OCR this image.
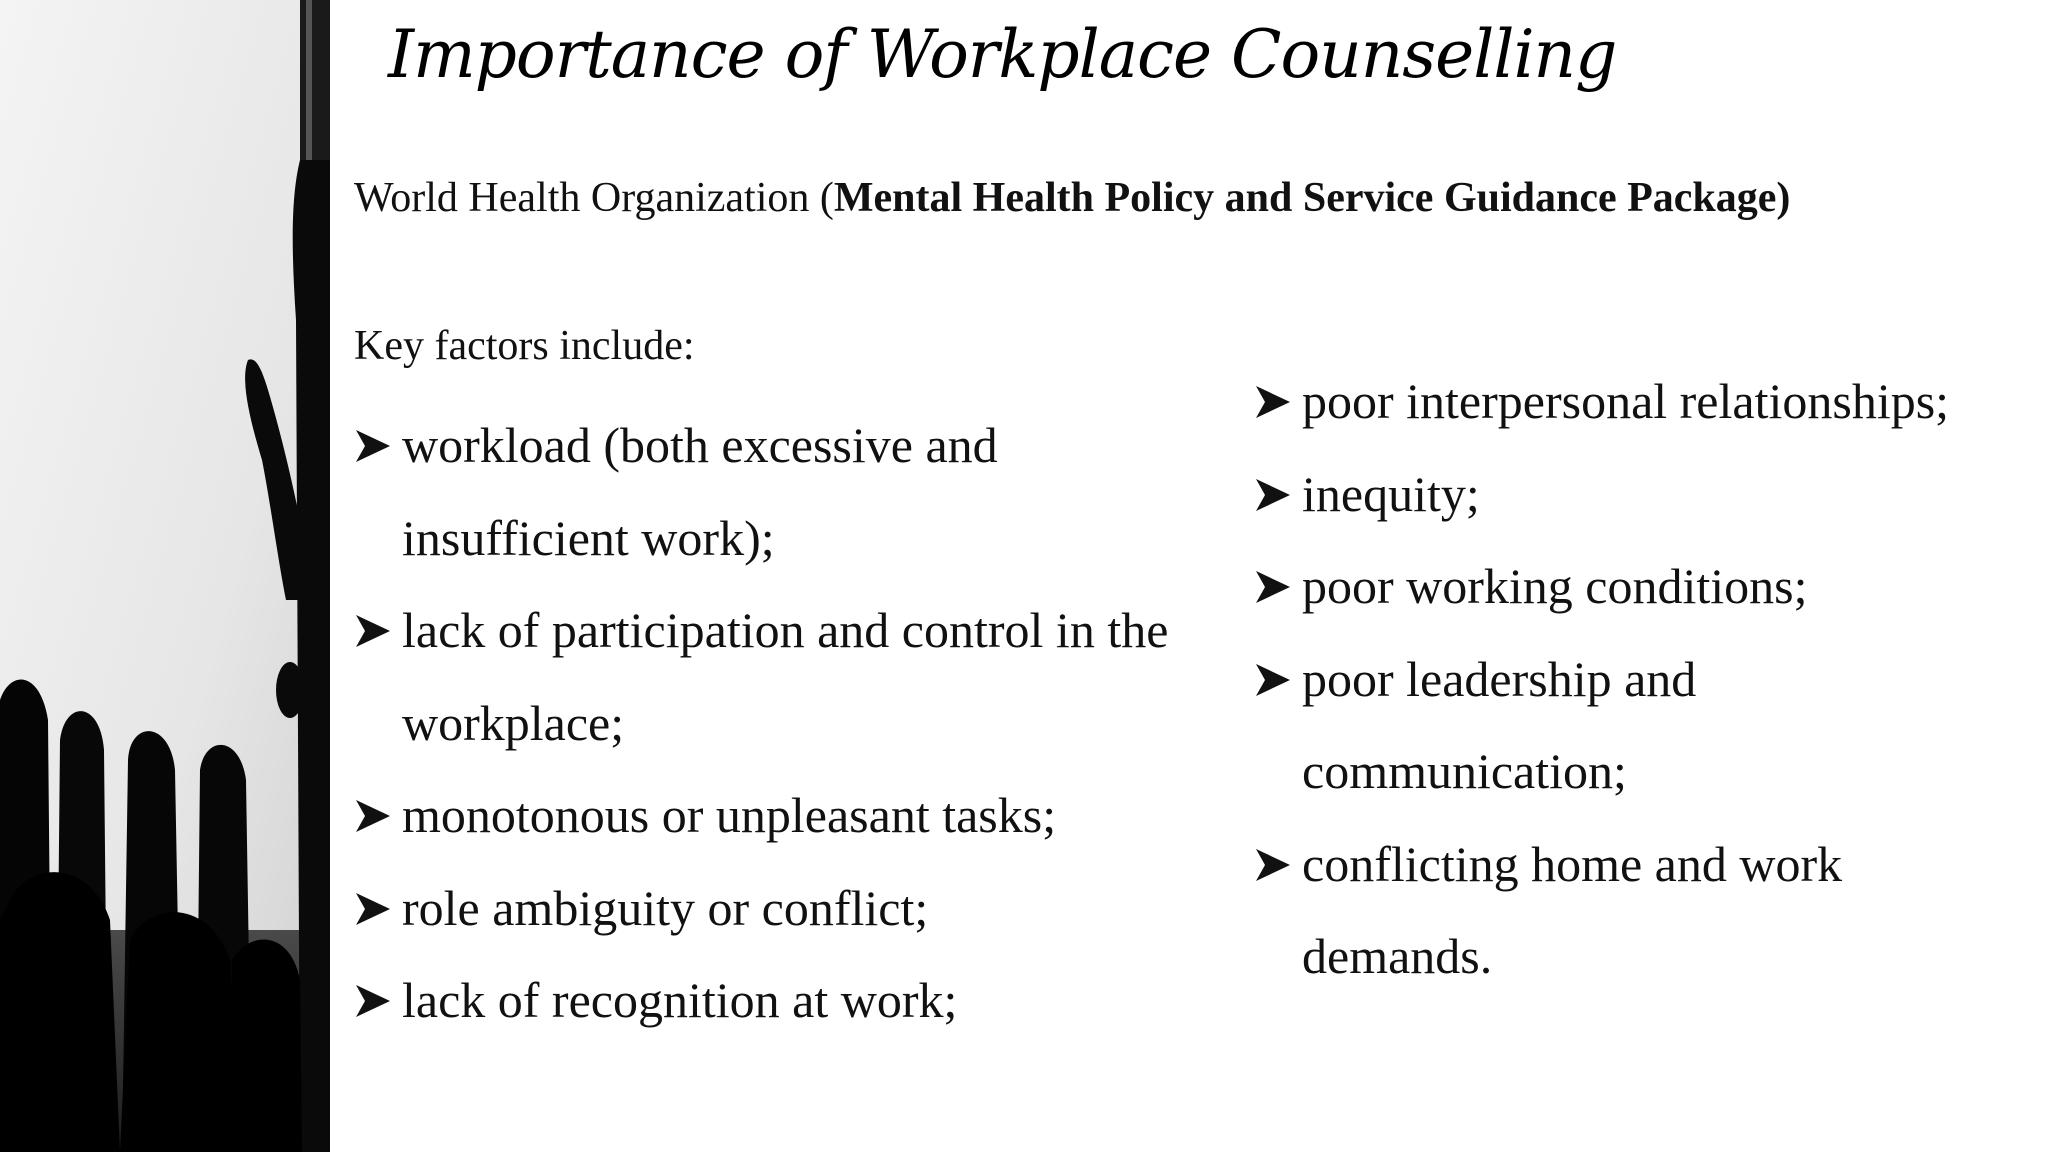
Importance of Workplace Counselling
World Health Organization (Mental Health Policy and Service Guidance Package)
Key factors include:
workload (both excessive and insufficient work);
lack of participation and control in the workplace;
monotonous or unpleasant tasks;
role ambiguity or conflict;
lack of recognition at work;
poor interpersonal relationships;
inequity;
poor working conditions;
poor leadership and communication;
conflicting home and work demands.
